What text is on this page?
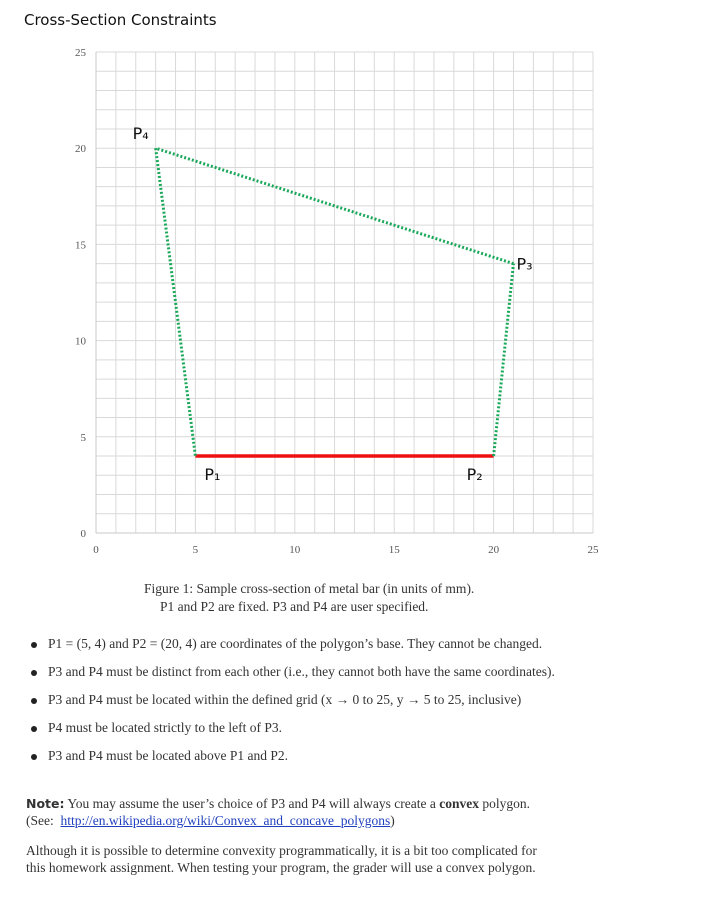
Cross-Section Constraints
0	5	10	15	20	25
0
5
10
15
20
25
P₁	P₂
P₃
P₄
Figure 1: Sample cross-section of metal bar (in units of mm).
P1 and P2 are fixed. P3 and P4 are user specified.
P1 = (5, 4) and P2 = (20, 4) are coordinates of the polygon’s base. They cannot be changed.
P3 and P4 must be distinct from each other (i.e., they cannot both have the same coordinates).
P3 and P4 must be located within the defined grid (x → 0 to 25, y → 5 to 25, inclusive)
P4 must be located strictly to the left of P3.
P3 and P4 must be located above P1 and P2.
Note: You may assume the user’s choice of P3 and P4 will always create a convex polygon.
(See: http://en.wikipedia.org/wiki/Convex_and_concave_polygons)
Although it is possible to determine convexity programmatically, it is a bit too complicated for
this homework assignment. When testing your program, the grader will use a convex polygon.
